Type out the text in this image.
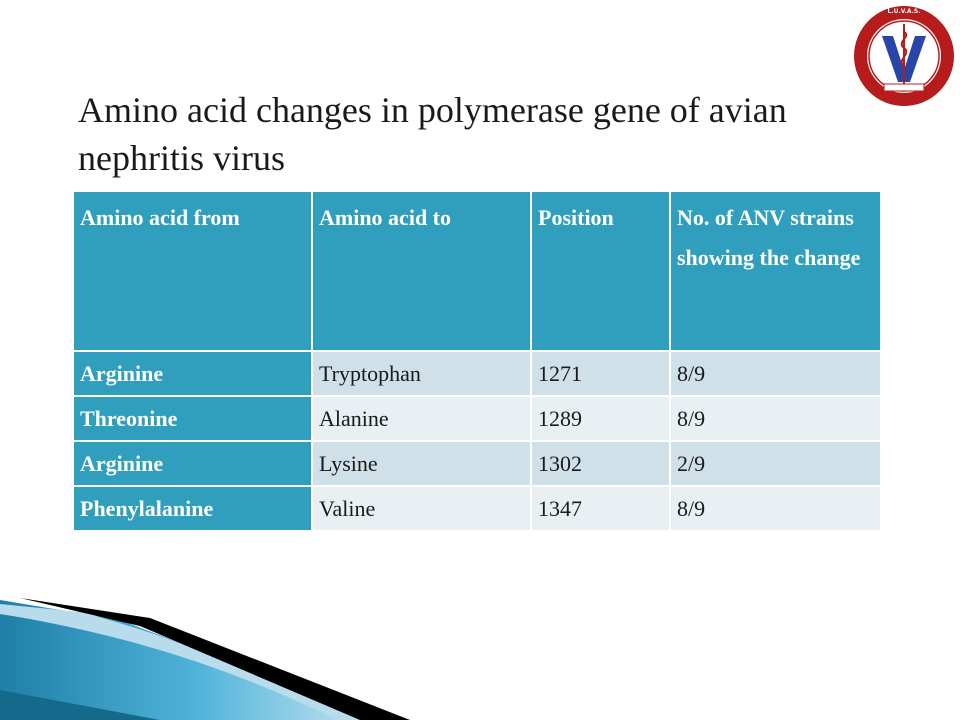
Amino acid changes in polymerase gene of avian nephritis virus
L.U.V.A.S.
Amino acid from	Amino acid to	Position	No. of ANV strains showing the change
Arginine	Tryptophan	1271	8/9
Threonine	Alanine	1289	8/9
Arginine	Lysine	1302	2/9
Phenylalanine	Valine	1347	8/9
